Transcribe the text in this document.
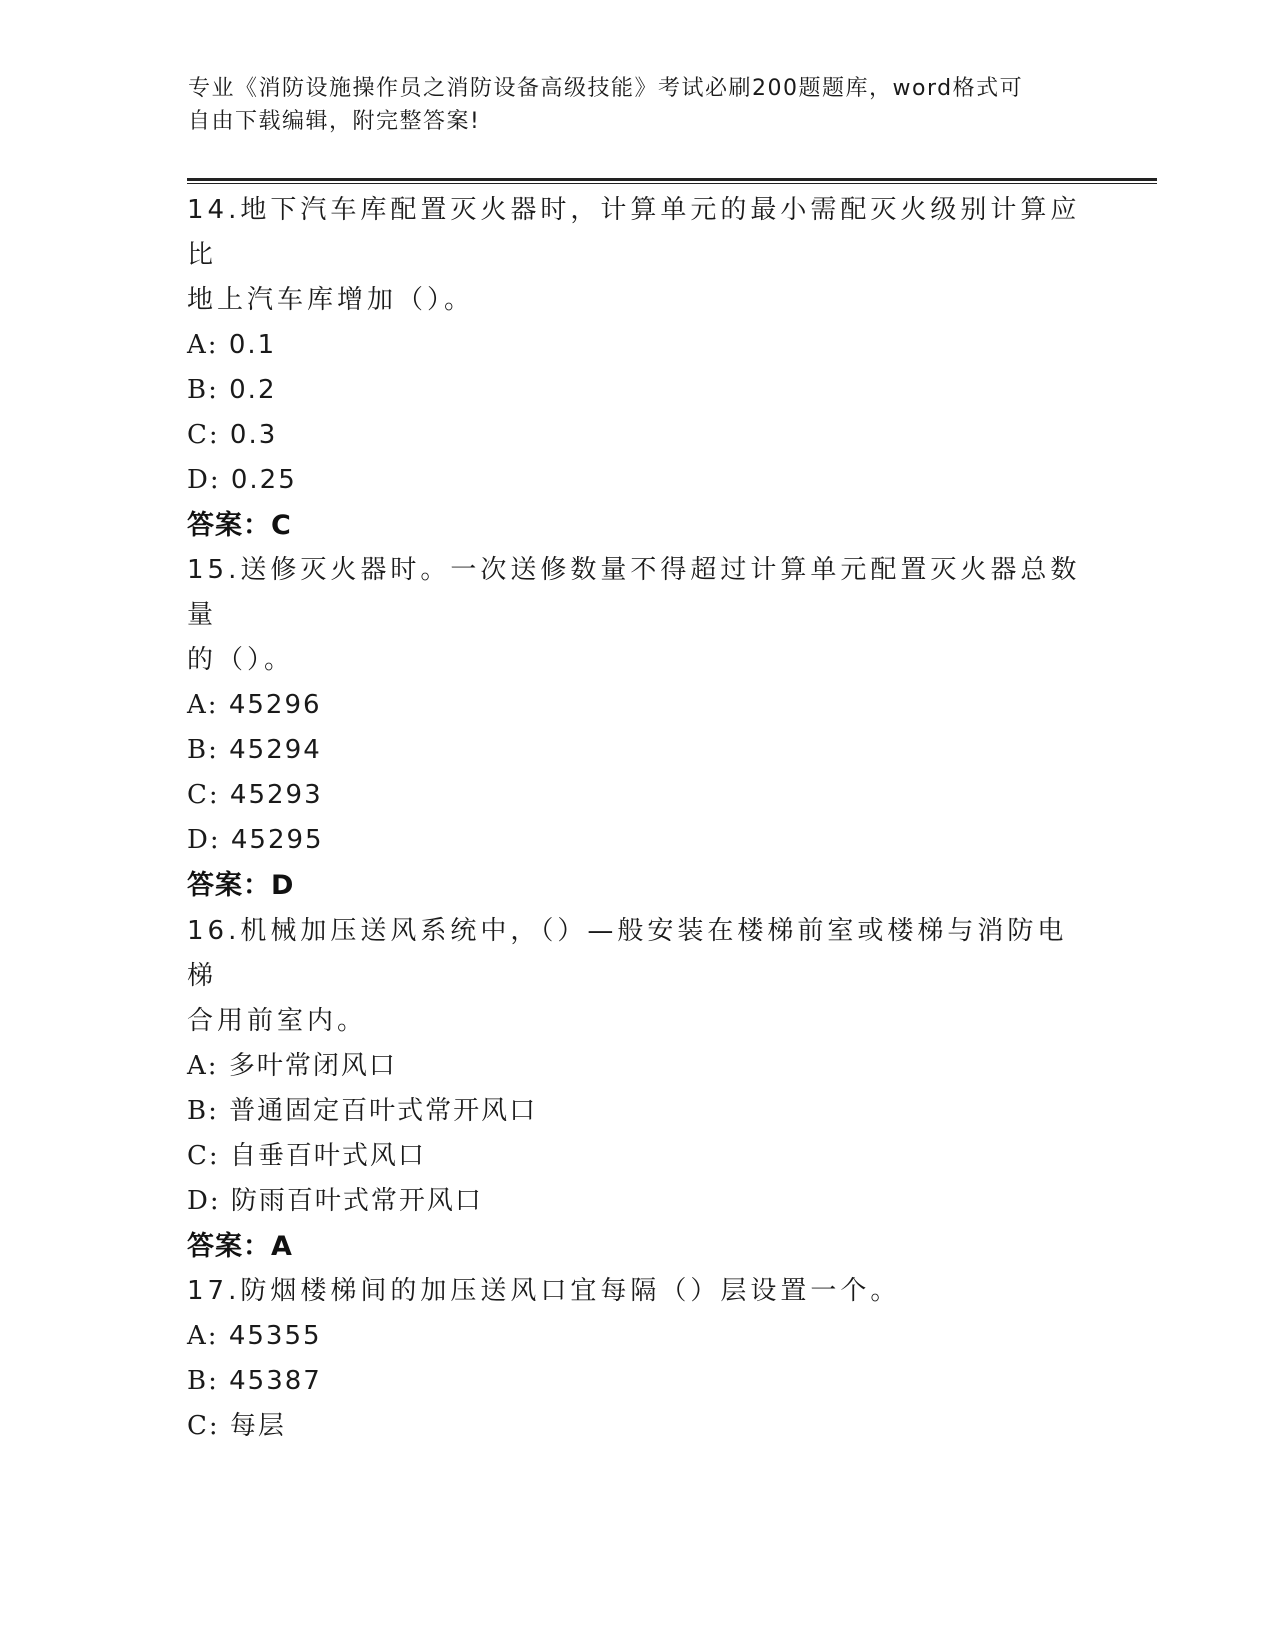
专业《消防设施操作员之消防设备高级技能》考试必刷200题题库，word格式可
自由下载编辑，附完整答案!
14.地下汽车库配置灭火器时，计算单元的最小需配灭火级别计算应比
地上汽车库增加（）。
A: 0.1
B: 0.2
C: 0.3
D: 0.25
答案：C
15.送修灭火器时。一次送修数量不得超过计算单元配置灭火器总数量
的（）。
A: 45296
B: 45294
C: 45293
D: 45295
答案：D
16.机械加压送风系统中，（）—般安装在楼梯前室或楼梯与消防电梯
合用前室内。
A: 多叶常闭风口
B: 普通固定百叶式常开风口
C: 自垂百叶式风口
D: 防雨百叶式常开风口
答案：A
17.防烟楼梯间的加压送风口宜每隔（）层设置一个。
A: 45355
B: 45387
C: 每层
